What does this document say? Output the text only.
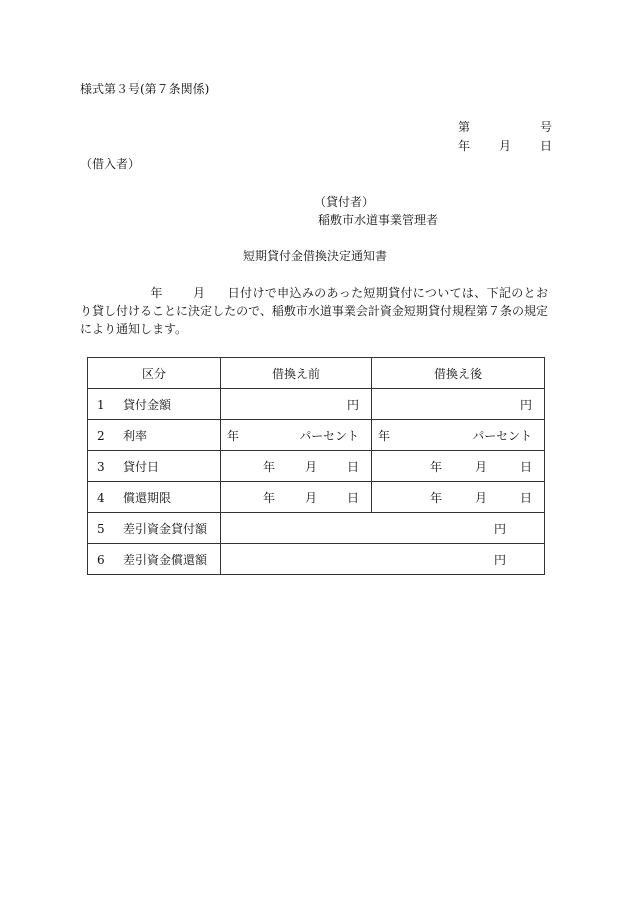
様式第３号(第７条関係)
第	号
年 月 日
（借入者）
（貸付者）
稲敷市水道事業管理者
短期貸付金借換決定通知書
年	月 日付けで申込みのあった短期貸付については、下記のとおり貸し付けることに決定したので、稲敷市水道事業会計資金短期貸付規程第７条の規定により通知します。
区分	借換え前	借換え後
1 貸付金額	円	円
2 利率	年 パーセント	年 パーセント

3 貸付日	年 月 日	年 月 日

4 償還期限	年 月 日	年 月 日

5 差引資金貸付額	円	
6 差引資金償還額	円	
